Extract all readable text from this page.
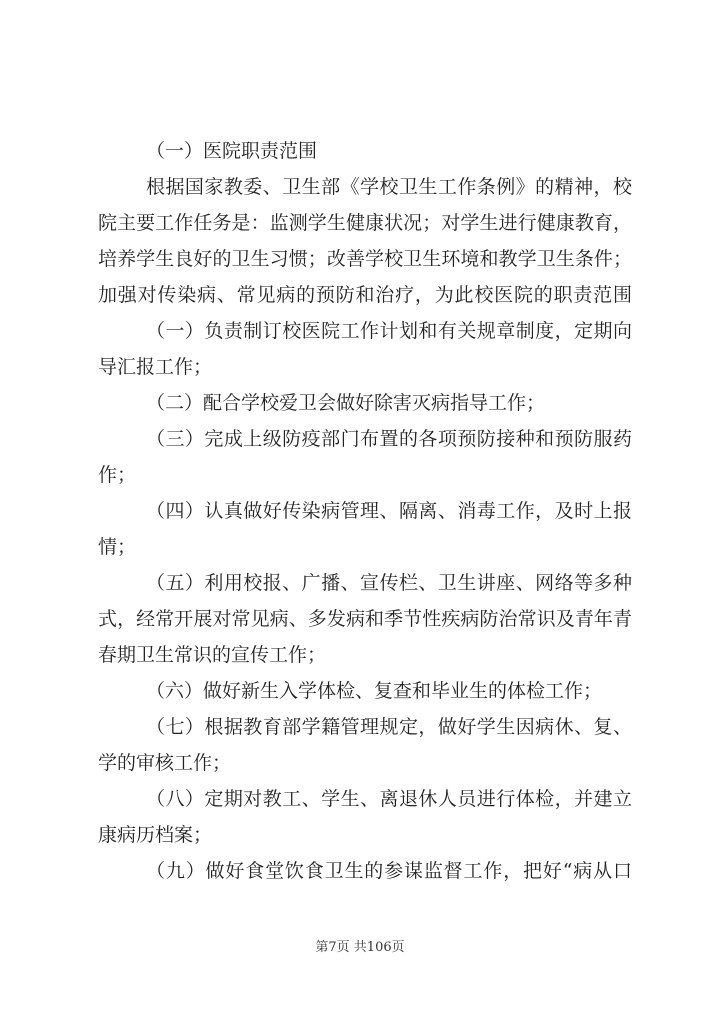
（一）医院职责范围
根据国家教委、卫生部《学校卫生工作条例》的精神，校
院主要工作任务是：监测学生健康状况；对学生进行健康教育，
培养学生良好的卫生习惯；改善学校卫生环境和教学卫生条件；
加强对传染病、常见病的预防和治疗，为此校医院的职责范围
（一）负责制订校医院工作计划和有关规章制度，定期向
导汇报工作；
（二）配合学校爱卫会做好除害灭病指导工作；
（三）完成上级防疫部门布置的各项预防接种和预防服药
作；
（四）认真做好传染病管理、隔离、消毒工作，及时上报
情；
（五）利用校报、广播、宣传栏、卫生讲座、网络等多种
式，经常开展对常见病、多发病和季节性疾病防治常识及青年青
春期卫生常识的宣传工作；
（六）做好新生入学体检、复查和毕业生的体检工作；
（七）根据教育部学籍管理规定，做好学生因病休、复、
学的审核工作；
（八）定期对教工、学生、离退休人员进行体检，并建立
康病历档案；
（九）做好食堂饮食卫生的参谋监督工作，把好“病从口
第7页 共106页
